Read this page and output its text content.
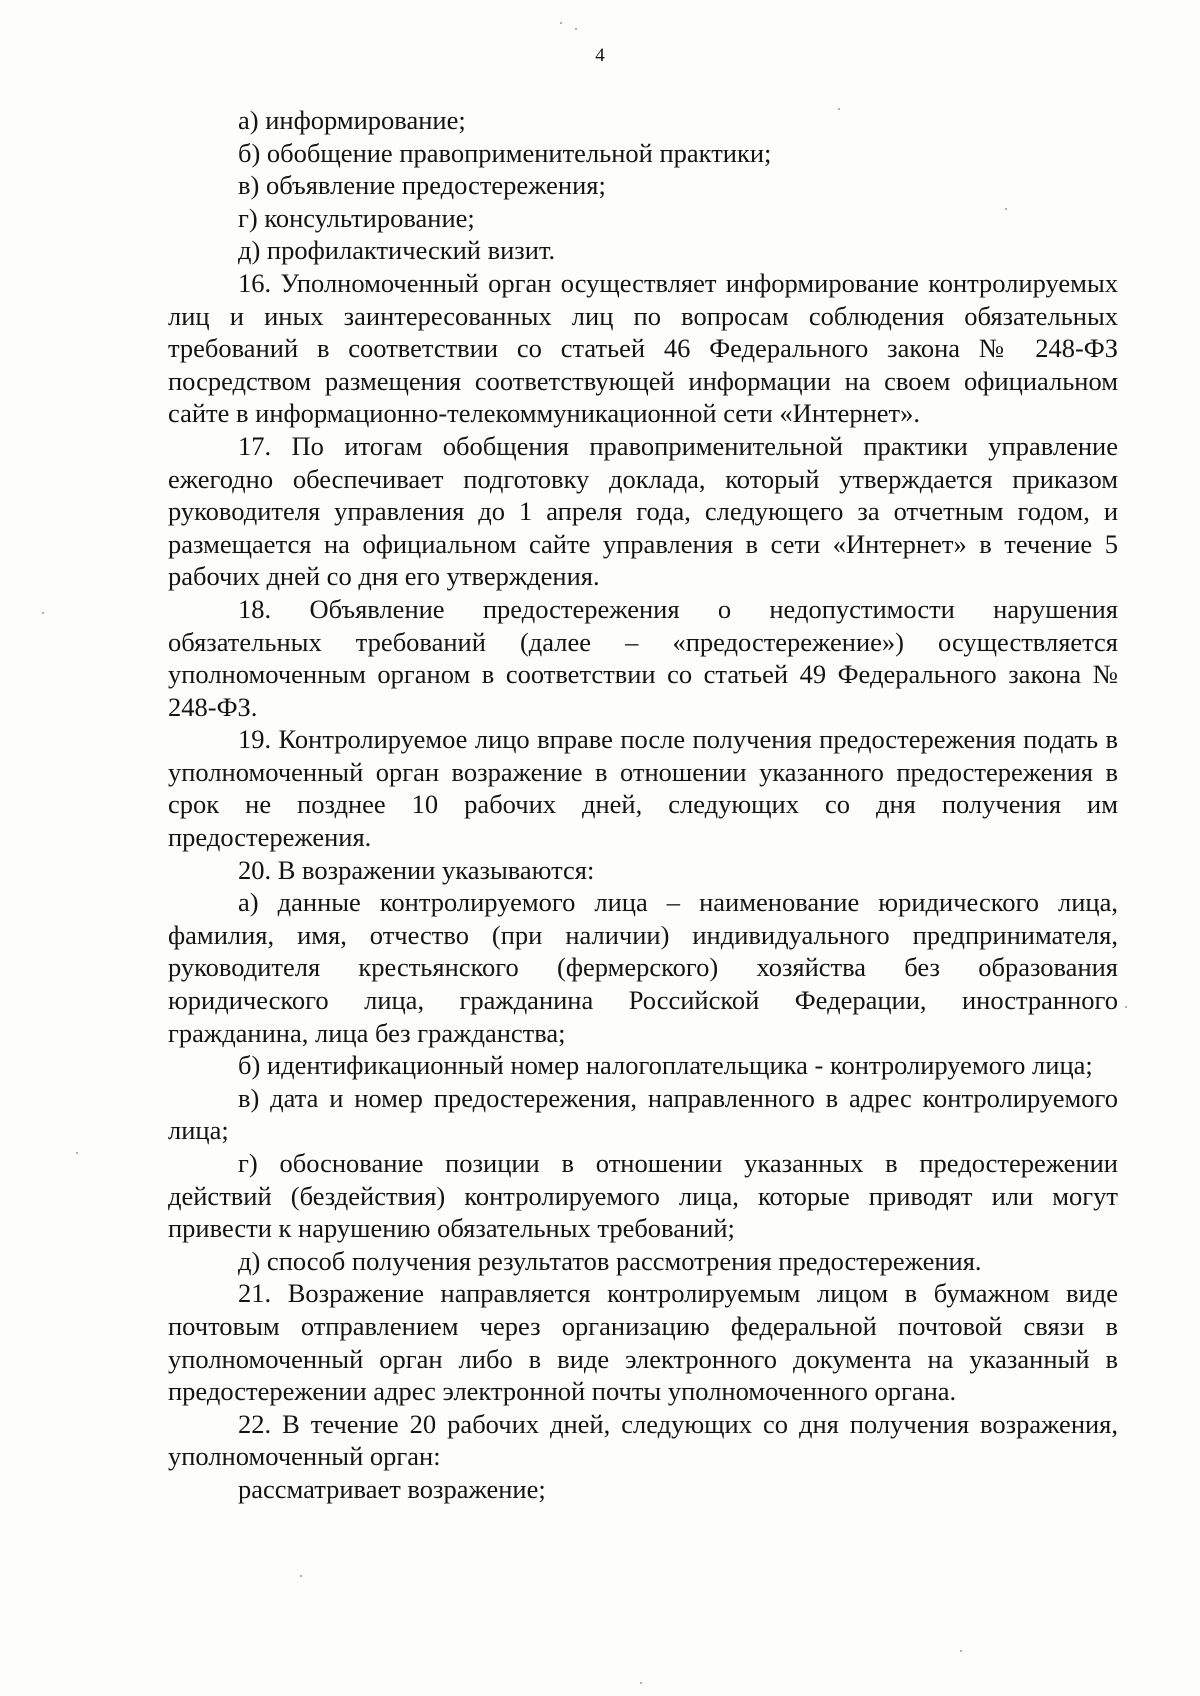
4

а) информирование;

б) обобщение правоприменительной практики;

в) объявление предостережения;

г) консультирование;

д) профилактический визит.

16. Уполномоченный орган осуществляет информирование контролируемых лиц и иных заинтересованных лиц по вопросам соблюдения обязательных требований в соответствии со статьей 46 Федерального закона № 248-ФЗ посредством размещения соответствующей информации на своем официальном сайте в информационно-телекоммуникационной сети «Интернет».

17. По итогам обобщения правоприменительной практики управление ежегодно обеспечивает подготовку доклада, который утверждается приказом руководителя управления до 1 апреля года, следующего за отчетным годом, и размещается на официальном сайте управления в сети «Интернет» в течение 5 рабочих дней со дня его утверждения.

18. Объявление предостережения о недопустимости нарушения обязательных требований (далее – «предостережение») осуществляется уполномоченным органом в соответствии со статьей 49 Федерального закона № 248-ФЗ.

19. Контролируемое лицо вправе после получения предостережения подать в уполномоченный орган возражение в отношении указанного предостережения в срок не позднее 10 рабочих дней, следующих со дня получения им предостережения.

20. В возражении указываются:

а) данные контролируемого лица – наименование юридического лица, фамилия, имя, отчество (при наличии) индивидуального предпринимателя, руководителя крестьянского (фермерского) хозяйства без образования юридического лица, гражданина Российской Федерации, иностранного гражданина, лица без гражданства;

б) идентификационный номер налогоплательщика - контролируемого лица;

в) дата и номер предостережения, направленного в адрес контролируемого лица;

г) обоснование позиции в отношении указанных в предостережении действий (бездействия) контролируемого лица, которые приводят или могут привести к нарушению обязательных требований;

д) способ получения результатов рассмотрения предостережения.

21. Возражение направляется контролируемым лицом в бумажном виде почтовым отправлением через организацию федеральной почтовой связи в уполномоченный орган либо в виде электронного документа на указанный в предостережении адрес электронной почты уполномоченного органа.

22. В течение 20 рабочих дней, следующих со дня получения возражения, уполномоченный орган:

рассматривает возражение;
